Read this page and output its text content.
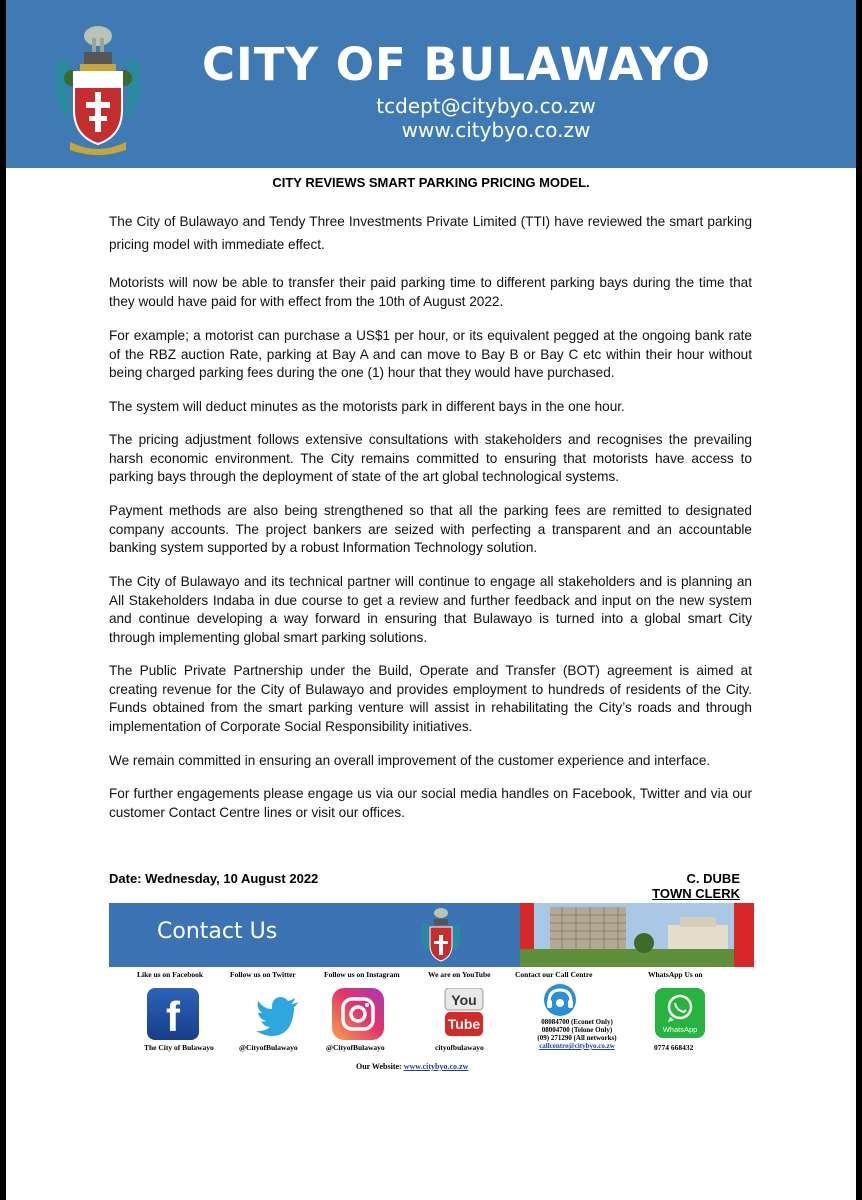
CITY OF BULAWAYO
tcdept@citybyo.co.zw
www.citybyo.co.zw
CITY REVIEWS SMART PARKING PRICING MODEL.

The City of Bulawayo and Tendy Three Investments Private Limited (TTI) have reviewed the smart parking pricing model with immediate effect.

Motorists will now be able to transfer their paid parking time to different parking bays during the time that they would have paid for with effect from the 10th of August 2022.

For example; a motorist can purchase a US$1 per hour, or its equivalent pegged at the ongoing bank rate of the RBZ auction Rate, parking at Bay A and can move to Bay B or Bay C etc within their hour without being charged parking fees during the one (1) hour that they would have purchased.

The system will deduct minutes as the motorists park in different bays in the one hour.

The pricing adjustment follows extensive consultations with stakeholders and recognises the prevailing harsh economic environment. The City remains committed to ensuring that motorists have access to parking bays through the deployment of state of the art global technological systems.

Payment methods are also being strengthened so that all the parking fees are remitted to designated company accounts. The project bankers are seized with perfecting a transparent and an accountable banking system supported by a robust Information Technology solution.

The City of Bulawayo and its technical partner will continue to engage all stakeholders and is planning an All Stakeholders Indaba in due course to get a review and further feedback and input on the new system and continue developing a way forward in ensuring that Bulawayo is turned into a global smart City through implementing global smart parking solutions.

The Public Private Partnership under the Build, Operate and Transfer (BOT) agreement is aimed at creating revenue for the City of Bulawayo and provides employment to hundreds of residents of the City. Funds obtained from the smart parking venture will assist in rehabilitating the City’s roads and through implementation of Corporate Social Responsibility initiatives.

We remain committed in ensuring an overall improvement of the customer experience and interface.

For further engagements please engage us via our social media handles on Facebook, Twitter and via our customer Contact Centre lines or visit our offices.

Date: Wednesday, 10 August 2022	C. DUBE
TOWN CLERK
Contact Us
Like us on Facebook	Follow us on Twitter	Follow us on Instagram	We are on YouTube	Contact our Call Centre	WhatsApp Us on
f	You
Tube	WhatsApp
08084700 (Econet Only)
08004700 (Telone Only)
(09) 271290 (All networks)
callcentre@citybyo.co.zw
The City of Bulawayo	@CityofBulawayo	@CityofBulawayo	cityofbulawayo	0774 668432
Our Website: www.citybyo.co.zw
